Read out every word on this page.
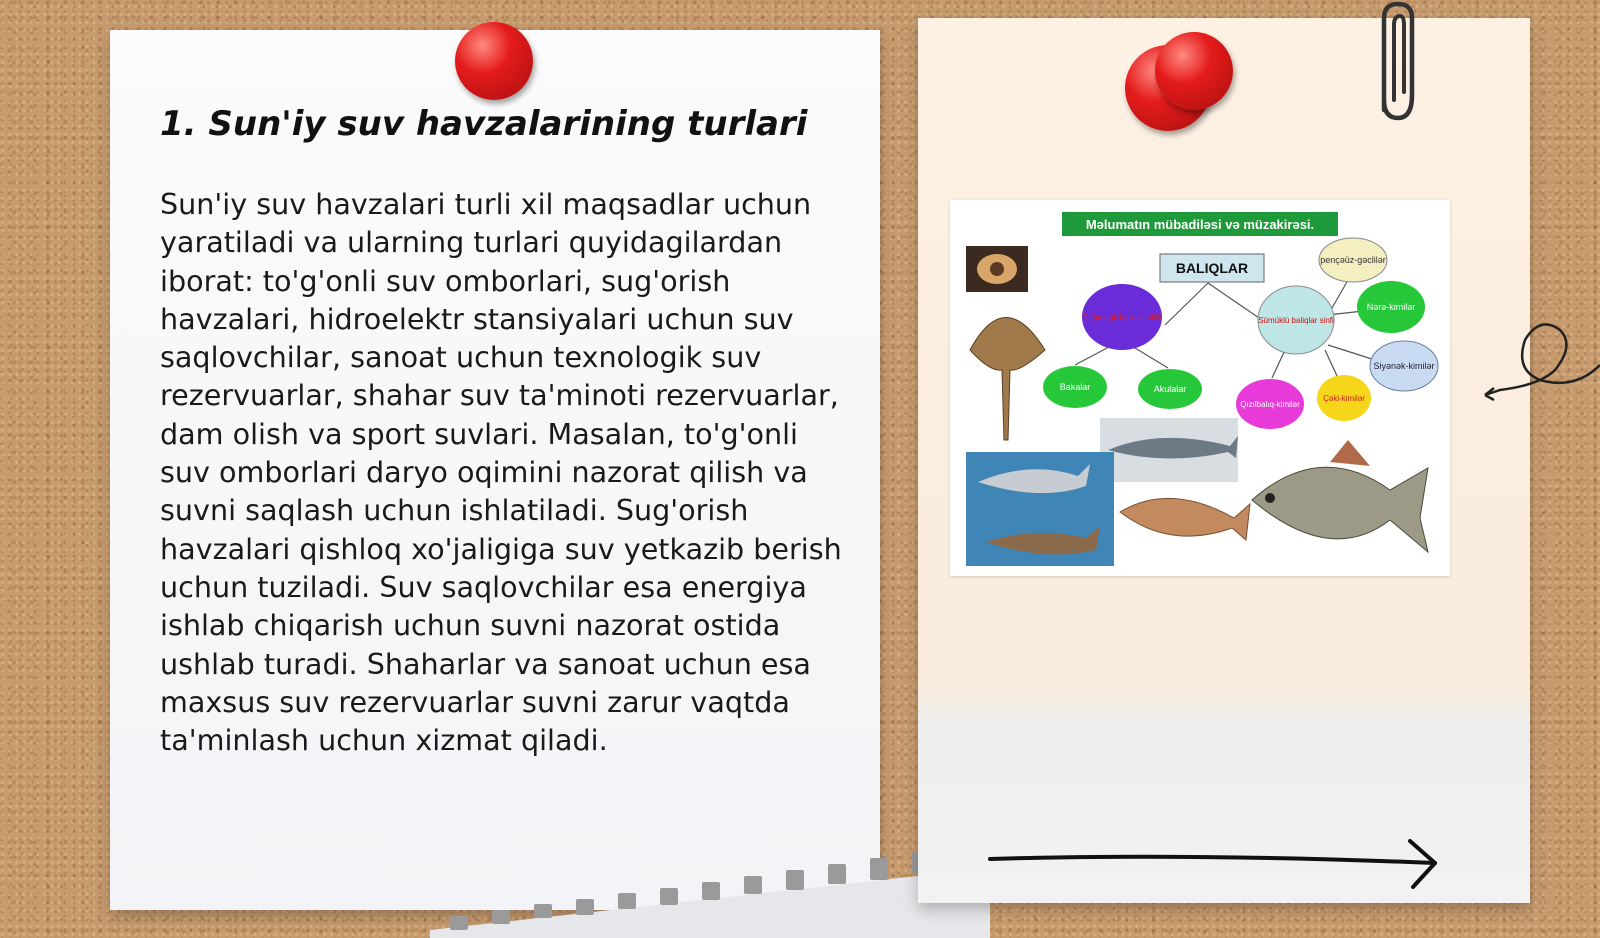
1. Sun'iy suv havzalarining turlari

Sun'iy suv havzalari turli xil maqsadlar uchun yaratiladi va ularning turlari quyidagilardan iborat: to'g'onli suv omborlari, sug'orish havzalari, hidroelektr stansiyalari uchun suv saqlovchilar, sanoat uchun texnologik suv rezervuarlar, shahar suv ta'minoti rezervuarlar, dam olish va sport suvlari. Masalan, to'g'onli suv omborlari daryo oqimini nazorat qilish va suvni saqlash uchun ishlatiladi. Sug'orish havzalari qishloq xo'jaligiga suv yetkazib berish uchun tuziladi. Suv saqlovchilar esa energiya ishlab chiqarish uchun suvni nazorat ostida ushlab turadi. Shaharlar va sanoat uchun esa maxsus suv rezervuarlar suvni zarur vaqtda ta'minlash uchun xizmat qiladi.

Məlumatın mübadiləsi və müzakirəsi.
BALIQLAR
Qığırdaqlı baliqlar sinfi	Sümüklü baliqlar sinfi
Bakalar	Akulalar
pençəüz-gəclilər
Nərə-kimilər
Siyənək-kimilər
Qızılbalıq-kimilər
Çəki-kimilər
